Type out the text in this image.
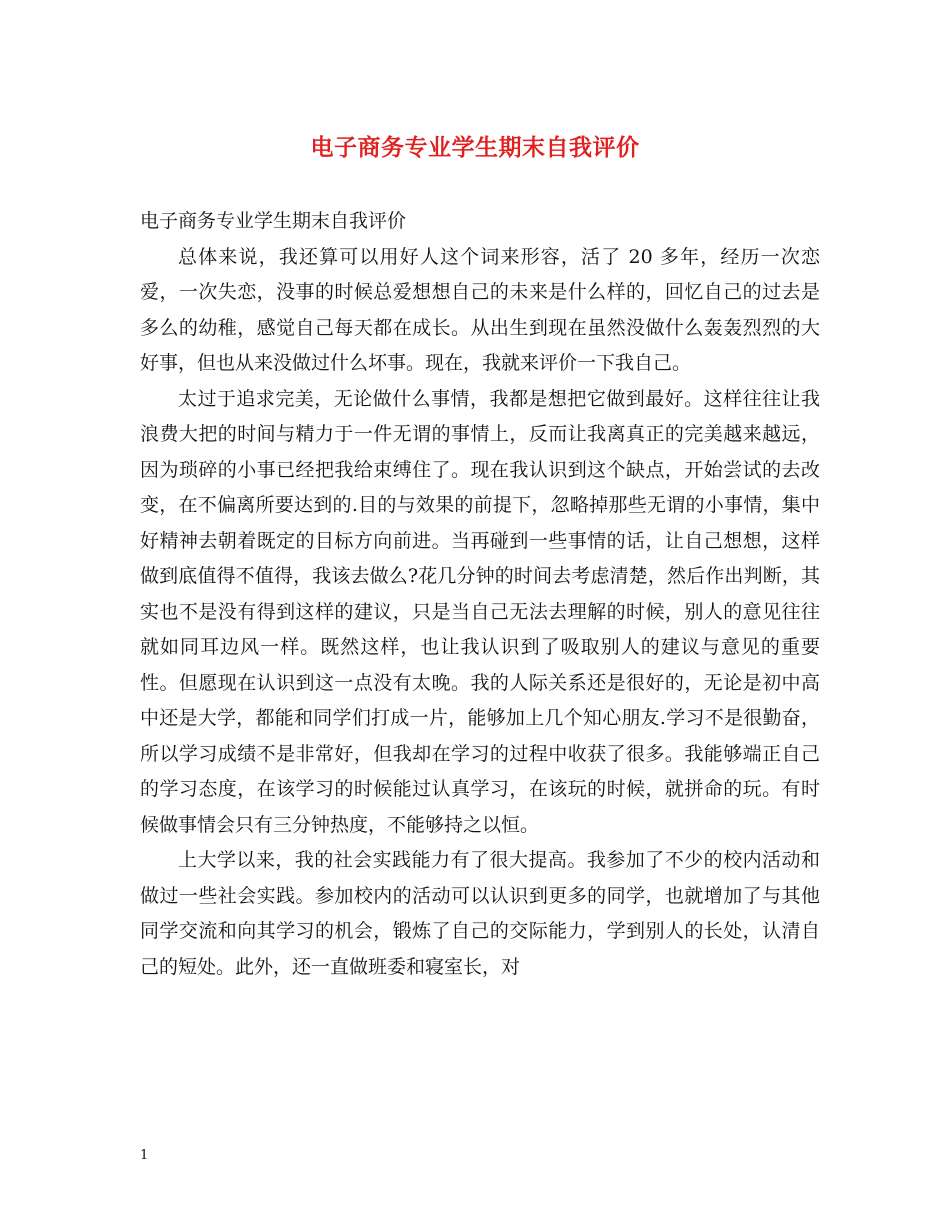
电子商务专业学生期末自我评价

电子商务专业学生期末自我评价

总体来说，我还算可以用好人这个词来形容，活了 20 多年，经历一次恋爱，一次失恋，没事的时候总爱想想自己的未来是什么样的，回忆自己的过去是多么的幼稚，感觉自己每天都在成长。从出生到现在虽然没做什么轰轰烈烈的大好事，但也从来没做过什么坏事。现在，我就来评价一下我自己。

太过于追求完美，无论做什么事情，我都是想把它做到最好。这样往往让我浪费大把的时间与精力于一件无谓的事情上，反而让我离真正的完美越来越远，因为琐碎的小事已经把我给束缚住了。现在我认识到这个缺点，开始尝试的去改变，在不偏离所要达到的.目的与效果的前提下，忽略掉那些无谓的小事情，集中好精神去朝着既定的目标方向前进。当再碰到一些事情的话，让自己想想，这样做到底值得不值得，我该去做么?花几分钟的时间去考虑清楚，然后作出判断，其实也不是没有得到这样的建议，只是当自己无法去理解的时候，别人的意见往往就如同耳边风一样。既然这样，也让我认识到了吸取别人的建议与意见的重要性。但愿现在认识到这一点没有太晚。我的人际关系还是很好的，无论是初中高中还是大学，都能和同学们打成一片，能够加上几个知心朋友.学习不是很勤奋，所以学习成绩不是非常好，但我却在学习的过程中收获了很多。我能够端正自己的学习态度，在该学习的时候能过认真学习，在该玩的时候，就拼命的玩。有时候做事情会只有三分钟热度，不能够持之以恒。

上大学以来，我的社会实践能力有了很大提高。我参加了不少的校内活动和做过一些社会实践。参加校内的活动可以认识到更多的同学，也就增加了与其他同学交流和向其学习的机会，锻炼了自己的交际能力，学到别人的长处，认清自己的短处。此外，还一直做班委和寝室长，对

1
